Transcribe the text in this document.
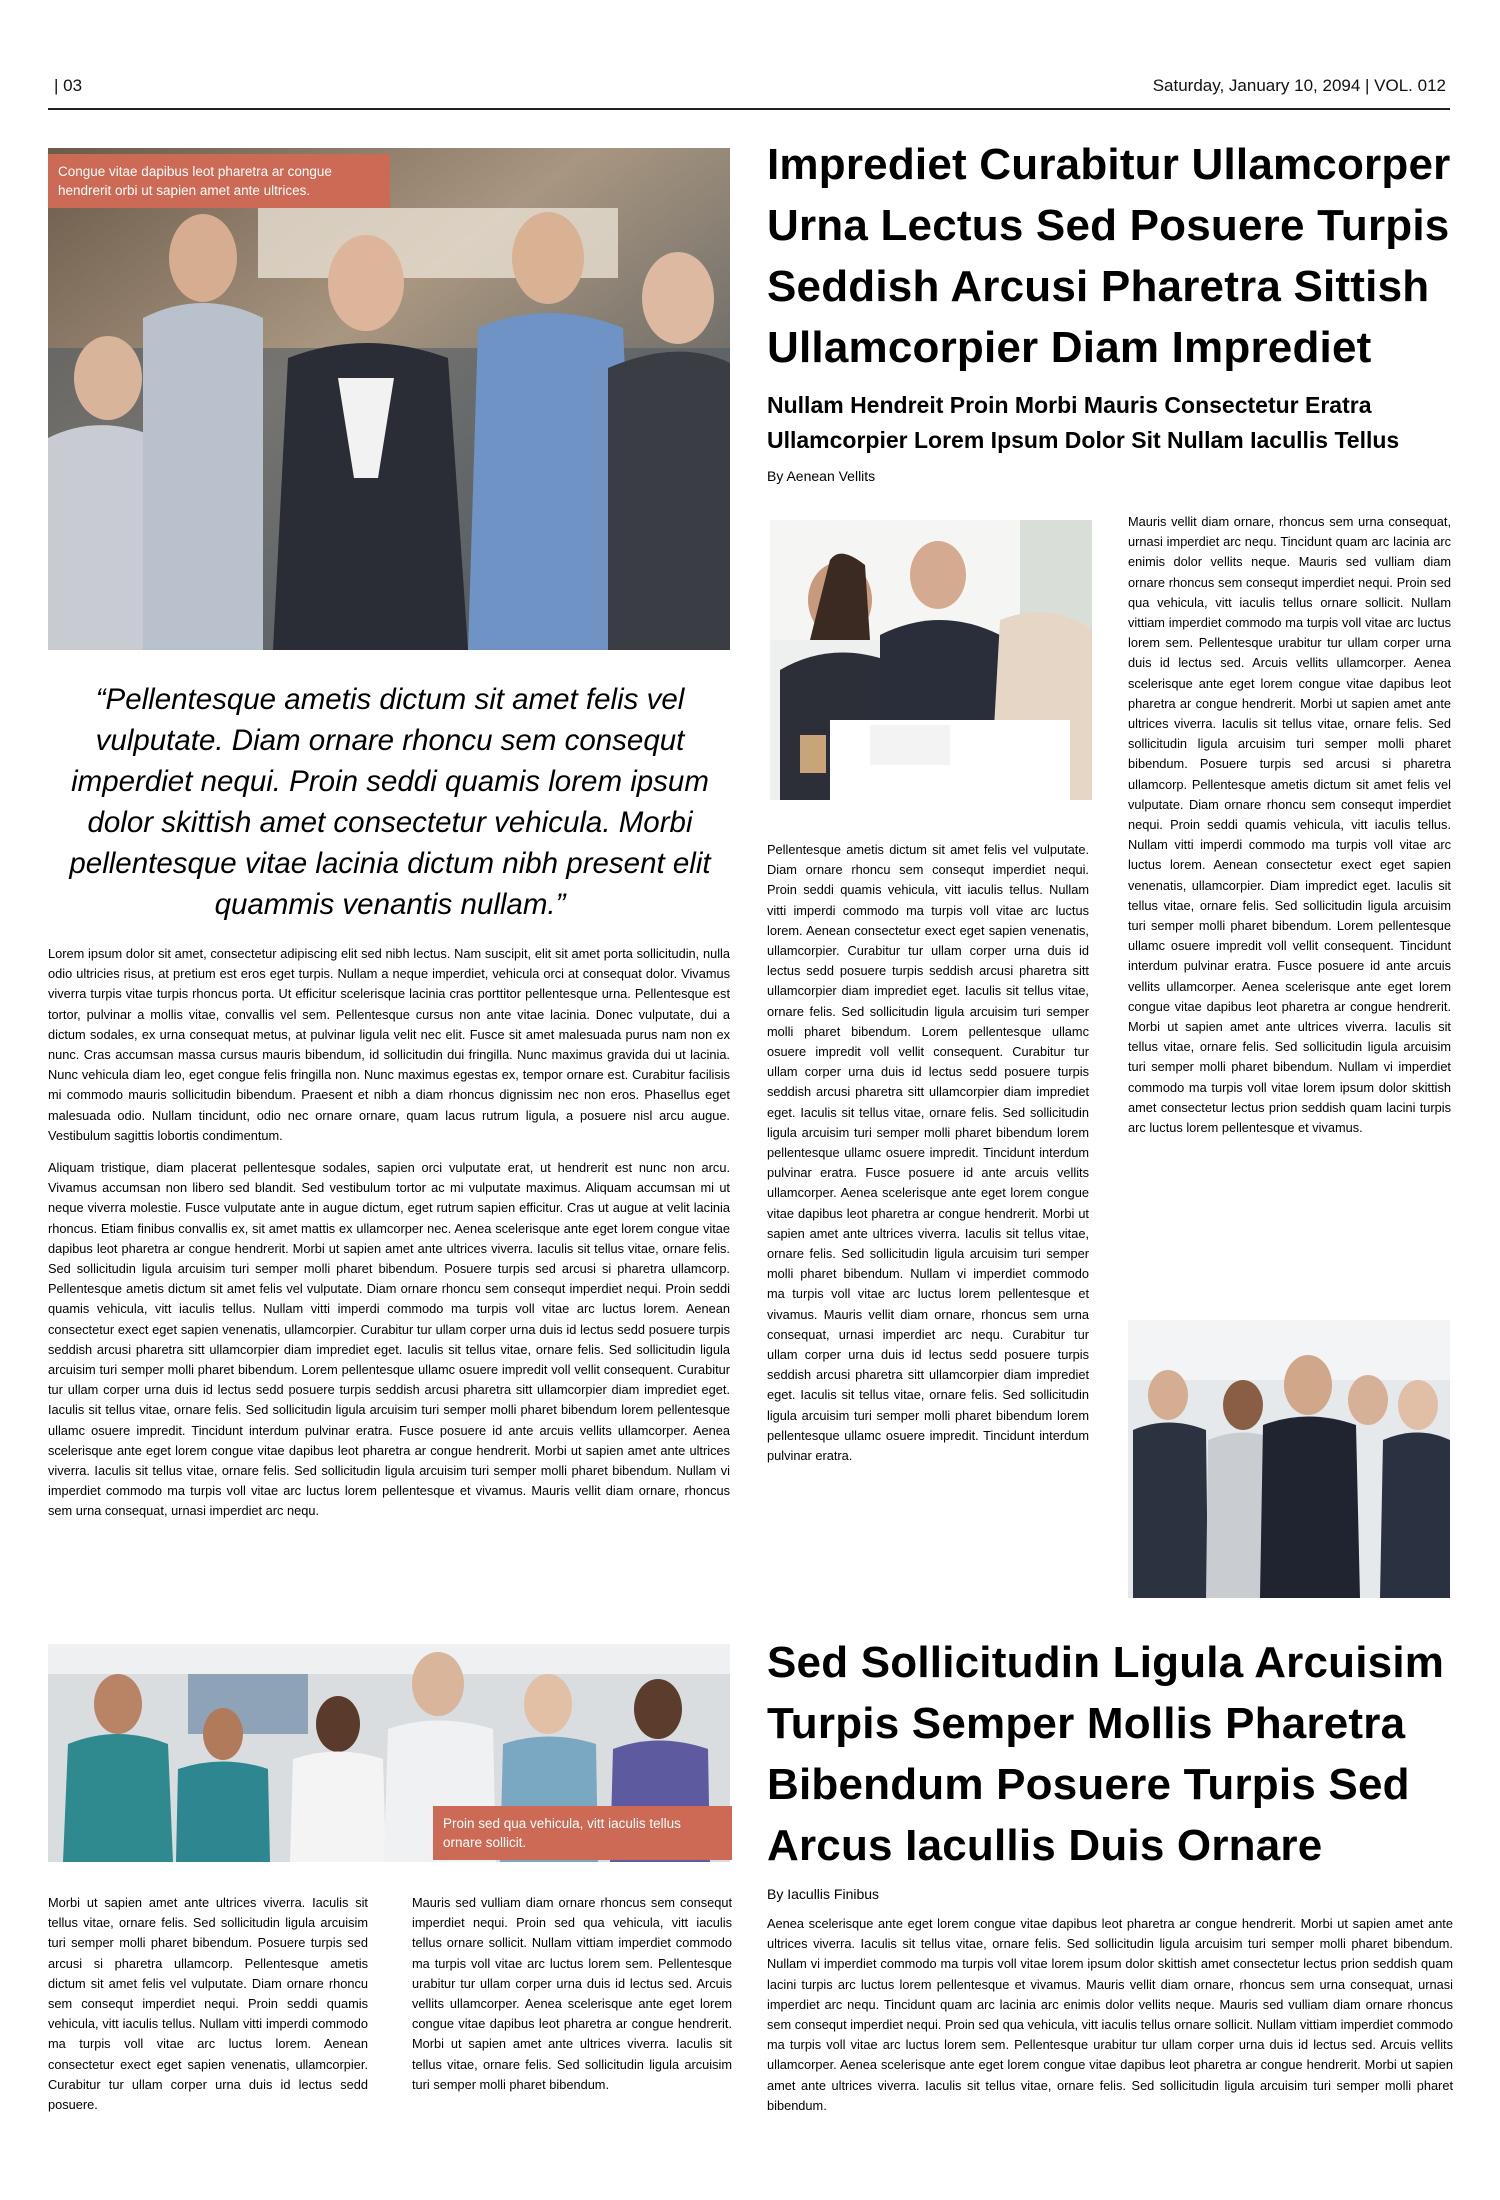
| 03	Saturday, January 10, 2094 | VOL. 012
Congue vitae dapibus leot pharetra ar congue hendrerit orbi ut sapien amet ante ultrices.
Imprediet Curabitur Ullamcorper Urna Lectus Sed Posuere Turpis Seddish Arcusi Pharetra Sittish Ullamcorpier Diam Imprediet
Nullam Hendreit Proin Morbi Mauris Consectetur Eratra Ullamcorpier Lorem Ipsum Dolor Sit Nullam Iacullis Tellus
By Aenean Vellits
Pellentesque ametis dictum sit amet felis vel vulputate. Diam ornare rhoncu sem consequt imperdiet nequi. Proin seddi quamis vehicula, vitt iaculis tellus. Nullam vitti imperdi commodo ma turpis voll vitae arc luctus lorem. Aenean consectetur exect eget sapien venenatis, ullamcorpier. Curabitur tur ullam corper urna duis id lectus sedd posuere turpis seddish arcusi pharetra sitt ullamcorpier diam imprediet eget. Iaculis sit tellus vitae, ornare felis. Sed sollicitudin ligula arcuisim turi semper molli pharet bibendum. Lorem pellentesque ullamc osuere impredit voll vellit consequent. Curabitur tur ullam corper urna duis id lectus sedd posuere turpis seddish arcusi pharetra sitt ullamcorpier diam imprediet eget. Iaculis sit tellus vitae, ornare felis. Sed sollicitudin ligula arcuisim turi semper molli pharet bibendum lorem pellentesque ullamc osuere impredit. Tincidunt interdum pulvinar eratra. Fusce posuere id ante arcuis vellits ullamcorper. Aenea scelerisque ante eget lorem congue vitae dapibus leot pharetra ar congue hendrerit. Morbi ut sapien amet ante ultrices viverra. Iaculis sit tellus vitae, ornare felis. Sed sollicitudin ligula arcuisim turi semper molli pharet bibendum. Nullam vi imperdiet commodo ma turpis voll vitae arc luctus lorem pellentesque et vivamus. Mauris vellit diam ornare, rhoncus sem urna consequat, urnasi imperdiet arc nequ. Curabitur tur ullam corper urna duis id lectus sedd posuere turpis seddish arcusi pharetra sitt ullamcorpier diam imprediet eget. Iaculis sit tellus vitae, ornare felis. Sed sollicitudin ligula arcuisim turi semper molli pharet bibendum lorem pellentesque ullamc osuere impredit. Tincidunt interdum pulvinar eratra.
Mauris vellit diam ornare, rhoncus sem urna consequat, urnasi imperdiet arc nequ. Tincidunt quam arc lacinia arc enimis dolor vellits neque. Mauris sed vulliam diam ornare rhoncus sem consequt imperdiet nequi. Proin sed qua vehicula, vitt iaculis tellus ornare sollicit. Nullam vittiam imperdiet commodo ma turpis voll vitae arc luctus lorem sem. Pellentesque urabitur tur ullam corper urna duis id lectus sed. Arcuis vellits ullamcorper. Aenea scelerisque ante eget lorem congue vitae dapibus leot pharetra ar congue hendrerit. Morbi ut sapien amet ante ultrices viverra. Iaculis sit tellus vitae, ornare felis. Sed sollicitudin ligula arcuisim turi semper molli pharet bibendum. Posuere turpis sed arcusi si pharetra ullamcorp. Pellentesque ametis dictum sit amet felis vel vulputate. Diam ornare rhoncu sem consequt imperdiet nequi. Proin seddi quamis vehicula, vitt iaculis tellus. Nullam vitti imperdi commodo ma turpis voll vitae arc luctus lorem. Aenean consectetur exect eget sapien venenatis, ullamcorpier. Diam impredict eget. Iaculis sit tellus vitae, ornare felis. Sed sollicitudin ligula arcuisim turi semper molli pharet bibendum. Lorem pellentesque ullamc osuere impredit voll vellit consequent. Tincidunt interdum pulvinar eratra. Fusce posuere id ante arcuis vellits ullamcorper. Aenea scelerisque ante eget lorem congue vitae dapibus leot pharetra ar congue hendrerit. Morbi ut sapien amet ante ultrices viverra. Iaculis sit tellus vitae, ornare felis. Sed sollicitudin ligula arcuisim turi semper molli pharet bibendum. Nullam vi imperdiet commodo ma turpis voll vitae lorem ipsum dolor skittish amet consectetur lectus prion seddish quam lacini turpis arc luctus lorem pellentesque et vivamus.
“Pellentesque ametis dictum sit amet felis vel vulputate. Diam ornare rhoncu sem consequt imperdiet nequi. Proin seddi quamis lorem ipsum dolor skittish amet consectetur vehicula. Morbi pellentesque vitae lacinia dictum nibh present elit quammis venantis nullam.”

Lorem ipsum dolor sit amet, consectetur adipiscing elit sed nibh lectus. Nam suscipit, elit sit amet porta sollicitudin, nulla odio ultricies risus, at pretium est eros eget turpis. Nullam a neque imperdiet, vehicula orci at consequat dolor. Vivamus viverra turpis vitae turpis rhoncus porta. Ut efficitur scelerisque lacinia cras porttitor pellentesque urna. Pellentesque est tortor, pulvinar a mollis vitae, convallis vel sem. Pellentesque cursus non ante vitae lacinia. Donec vulputate, dui a dictum sodales, ex urna consequat metus, at pulvinar ligula velit nec elit. Fusce sit amet malesuada purus nam non ex nunc. Cras accumsan massa cursus mauris bibendum, id sollicitudin dui fringilla. Nunc maximus gravida dui ut lacinia. Nunc vehicula diam leo, eget congue felis fringilla non. Nunc maximus egestas ex, tempor ornare est. Curabitur facilisis mi commodo mauris sollicitudin bibendum. Praesent et nibh a diam rhoncus dignissim nec non eros. Phasellus eget malesuada odio. Nullam tincidunt, odio nec ornare ornare, quam lacus rutrum ligula, a posuere nisl arcu augue. Vestibulum sagittis lobortis condimentum.

Aliquam tristique, diam placerat pellentesque sodales, sapien orci vulputate erat, ut hendrerit est nunc non arcu. Vivamus accumsan non libero sed blandit. Sed vestibulum tortor ac mi vulputate maximus. Aliquam accumsan mi ut neque viverra molestie. Fusce vulputate ante in augue dictum, eget rutrum sapien efficitur. Cras ut augue at velit lacinia rhoncus. Etiam finibus convallis ex, sit amet mattis ex ullamcorper nec. Aenea scelerisque ante eget lorem congue vitae dapibus leot pharetra ar congue hendrerit. Morbi ut sapien amet ante ultrices viverra. Iaculis sit tellus vitae, ornare felis. Sed sollicitudin ligula arcuisim turi semper molli pharet bibendum. Posuere turpis sed arcusi si pharetra ullamcorp. Pellentesque ametis dictum sit amet felis vel vulputate. Diam ornare rhoncu sem consequt imperdiet nequi. Proin seddi quamis vehicula, vitt iaculis tellus. Nullam vitti imperdi commodo ma turpis voll vitae arc luctus lorem. Aenean consectetur exect eget sapien venenatis, ullamcorpier. Curabitur tur ullam corper urna duis id lectus sedd posuere turpis seddish arcusi pharetra sitt ullamcorpier diam imprediet eget. Iaculis sit tellus vitae, ornare felis. Sed sollicitudin ligula arcuisim turi semper molli pharet bibendum. Lorem pellentesque ullamc osuere impredit voll vellit consequent. Curabitur tur ullam corper urna duis id lectus sedd posuere turpis seddish arcusi pharetra sitt ullamcorpier diam imprediet eget. Iaculis sit tellus vitae, ornare felis. Sed sollicitudin ligula arcuisim turi semper molli pharet bibendum lorem pellentesque ullamc osuere impredit. Tincidunt interdum pulvinar eratra. Fusce posuere id ante arcuis vellits ullamcorper. Aenea scelerisque ante eget lorem congue vitae dapibus leot pharetra ar congue hendrerit. Morbi ut sapien amet ante ultrices viverra. Iaculis sit tellus vitae, ornare felis. Sed sollicitudin ligula arcuisim turi semper molli pharet bibendum. Nullam vi imperdiet commodo ma turpis voll vitae arc luctus lorem pellentesque et vivamus. Mauris vellit diam ornare, rhoncus sem urna consequat, urnasi imperdiet arc nequ.

Proin sed qua vehicula, vitt iaculis tellus ornare sollicit.
Morbi ut sapien amet ante ultrices viverra. Iaculis sit tellus vitae, ornare felis. Sed sollicitudin ligula arcuisim turi semper molli pharet bibendum. Posuere turpis sed arcusi si pharetra ullamcorp. Pellentesque ametis dictum sit amet felis vel vulputate. Diam ornare rhoncu sem consequt imperdiet nequi. Proin seddi quamis vehicula, vitt iaculis tellus. Nullam vitti imperdi commodo ma turpis voll vitae arc luctus lorem. Aenean consectetur exect eget sapien venenatis, ullamcorpier. Curabitur tur ullam corper urna duis id lectus sedd posuere.
Mauris sed vulliam diam ornare rhoncus sem consequt imperdiet nequi. Proin sed qua vehicula, vitt iaculis tellus ornare sollicit. Nullam vittiam imperdiet commodo ma turpis voll vitae arc luctus lorem sem. Pellentesque urabitur tur ullam corper urna duis id lectus sed. Arcuis vellits ullamcorper. Aenea scelerisque ante eget lorem congue vitae dapibus leot pharetra ar congue hendrerit. Morbi ut sapien amet ante ultrices viverra. Iaculis sit tellus vitae, ornare felis. Sed sollicitudin ligula arcuisim turi semper molli pharet bibendum.
Sed Sollicitudin Ligula Arcuisim Turpis Semper Mollis Pharetra Bibendum Posuere Turpis Sed Arcus Iacullis Duis Ornare
By Iacullis Finibus
Aenea scelerisque ante eget lorem congue vitae dapibus leot pharetra ar congue hendrerit. Morbi ut sapien amet ante ultrices viverra. Iaculis sit tellus vitae, ornare felis. Sed sollicitudin ligula arcuisim turi semper molli pharet bibendum. Nullam vi imperdiet commodo ma turpis voll vitae lorem ipsum dolor skittish amet consectetur lectus prion seddish quam lacini turpis arc luctus lorem pellentesque et vivamus. Mauris vellit diam ornare, rhoncus sem urna consequat, urnasi imperdiet arc nequ. Tincidunt quam arc lacinia arc enimis dolor vellits neque. Mauris sed vulliam diam ornare rhoncus sem consequt imperdiet nequi. Proin sed qua vehicula, vitt iaculis tellus ornare sollicit. Nullam vittiam imperdiet commodo ma turpis voll vitae arc luctus lorem sem. Pellentesque urabitur tur ullam corper urna duis id lectus sed. Arcuis vellits ullamcorper. Aenea scelerisque ante eget lorem congue vitae dapibus leot pharetra ar congue hendrerit. Morbi ut sapien amet ante ultrices viverra. Iaculis sit tellus vitae, ornare felis. Sed sollicitudin ligula arcuisim turi semper molli pharet bibendum.
